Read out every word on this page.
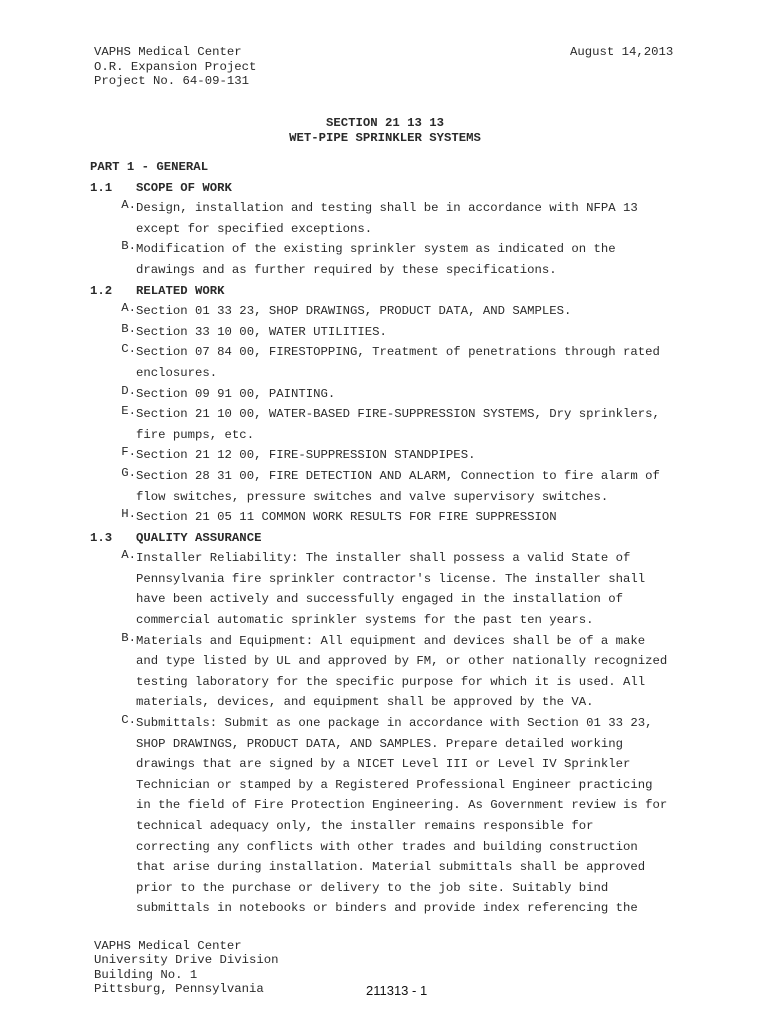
VAPHS Medical Center
O.R. Expansion Project
Project No. 64-09-131
August 14,2013
SECTION 21 13 13
WET-PIPE SPRINKLER SYSTEMS
PART 1 - GENERAL
1.1 SCOPE OF WORK
A. Design, installation and testing shall be in accordance with NFPA 13
except for specified exceptions.
B. Modification of the existing sprinkler system as indicated on the
drawings and as further required by these specifications.
1.2 RELATED WORK
A. Section 01 33 23, SHOP DRAWINGS, PRODUCT DATA, AND SAMPLES.
B. Section 33 10 00, WATER UTILITIES.
C. Section 07 84 00, FIRESTOPPING, Treatment of penetrations through rated
enclosures.
D. Section 09 91 00, PAINTING.
E. Section 21 10 00, WATER-BASED FIRE-SUPPRESSION SYSTEMS, Dry sprinklers,
fire pumps, etc.
F. Section 21 12 00, FIRE-SUPPRESSION STANDPIPES.
G. Section 28 31 00, FIRE DETECTION AND ALARM, Connection to fire alarm of
flow switches, pressure switches and valve supervisory switches.
H. Section 21 05 11 COMMON WORK RESULTS FOR FIRE SUPPRESSION
1.3 QUALITY ASSURANCE
A. Installer Reliability: The installer shall possess a valid State of
Pennsylvania fire sprinkler contractor's license. The installer shall
have been actively and successfully engaged in the installation of
commercial automatic sprinkler systems for the past ten years.
B. Materials and Equipment: All equipment and devices shall be of a make
and type listed by UL and approved by FM, or other nationally recognized
testing laboratory for the specific purpose for which it is used. All
materials, devices, and equipment shall be approved by the VA.
C. Submittals: Submit as one package in accordance with Section 01 33 23,
SHOP DRAWINGS, PRODUCT DATA, AND SAMPLES. Prepare detailed working
drawings that are signed by a NICET Level III or Level IV Sprinkler
Technician or stamped by a Registered Professional Engineer practicing
in the field of Fire Protection Engineering. As Government review is for
technical adequacy only, the installer remains responsible for
correcting any conflicts with other trades and building construction
that arise during installation. Material submittals shall be approved
prior to the purchase or delivery to the job site. Suitably bind
submittals in notebooks or binders and provide index referencing the
VAPHS Medical Center
University Drive Division
Building No. 1
Pittsburg, Pennsylvania	211313 - 1
